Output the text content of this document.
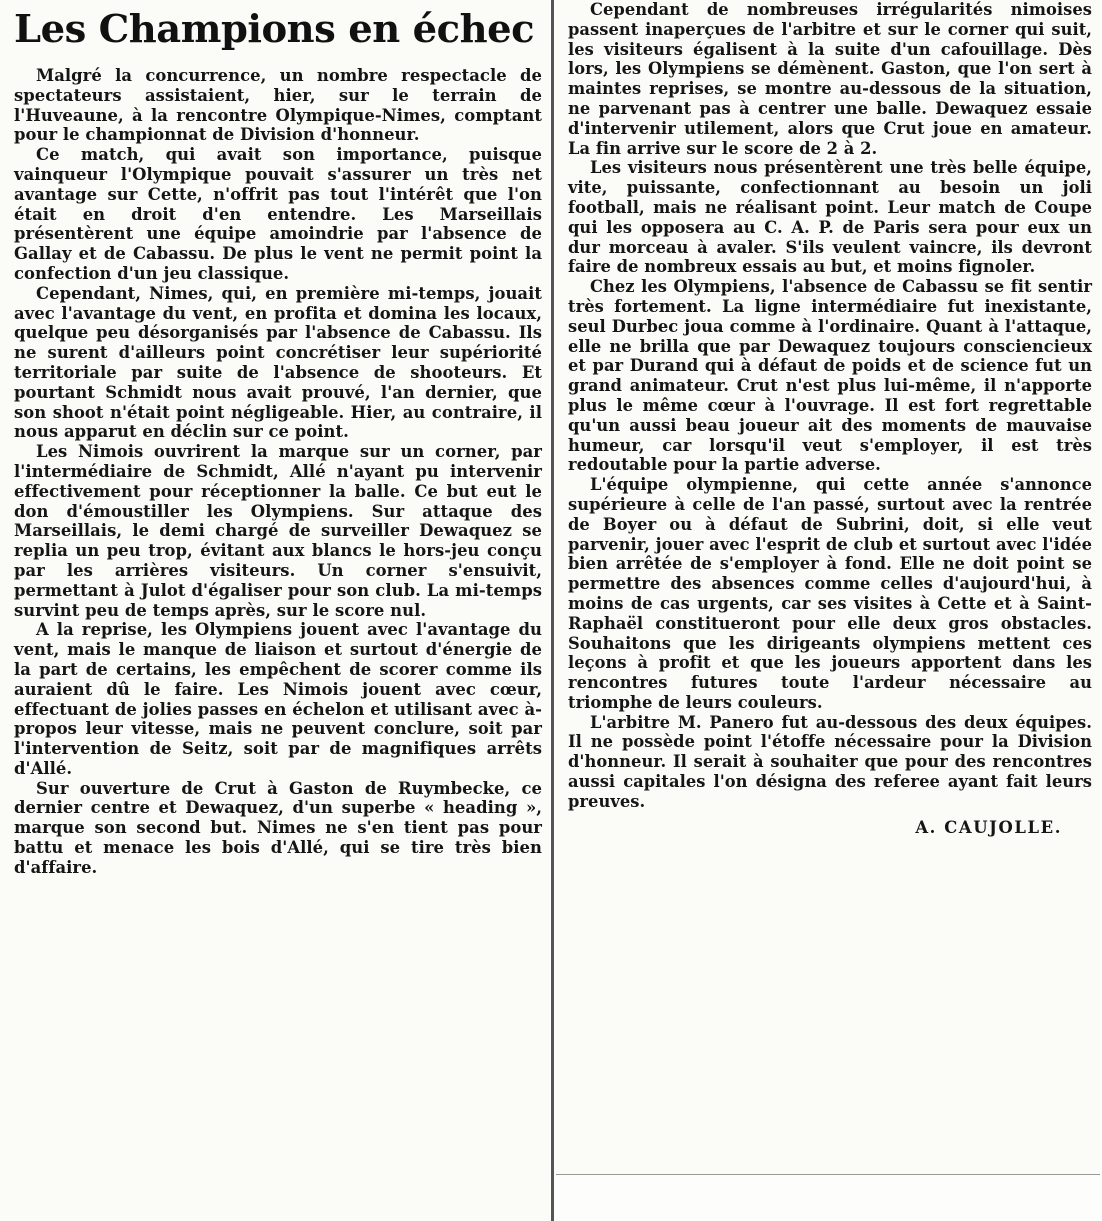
Les Champions en échec

Malgré la concurrence, un nombre respectacle de spectateurs assistaient, hier, sur le terrain de l'Huveaune, à la rencontre Olympique-Nimes, comptant pour le championnat de Division d'honneur.

Ce match, qui avait son importance, puisque vainqueur l'Olympique pouvait s'assurer un très net avantage sur Cette, n'offrit pas tout l'intérêt que l'on était en droit d'en entendre. Les Marseillais présentèrent une équipe amoindrie par l'absence de Gallay et de Cabassu. De plus le vent ne permit point la confection d'un jeu classique.

Cependant, Nimes, qui, en première mi-temps, jouait avec l'avantage du vent, en profita et domina les locaux, quelque peu désorganisés par l'absence de Cabassu. Ils ne surent d'ailleurs point concrétiser leur supériorité territoriale par suite de l'absence de shooteurs. Et pourtant Schmidt nous avait prouvé, l'an dernier, que son shoot n'était point négligeable. Hier, au contraire, il nous apparut en déclin sur ce point.

Les Nimois ouvrirent la marque sur un corner, par l'intermédiaire de Schmidt, Allé n'ayant pu intervenir effectivement pour réceptionner la balle. Ce but eut le don d'émoustiller les Olympiens. Sur attaque des Marseillais, le demi chargé de surveiller Dewaquez se replia un peu trop, évitant aux blancs le hors-jeu conçu par les arrières visiteurs. Un corner s'ensuivit, permettant à Julot d'égaliser pour son club. La mi-temps survint peu de temps après, sur le score nul.

A la reprise, les Olympiens jouent avec l'avantage du vent, mais le manque de liaison et surtout d'énergie de la part de certains, les empêchent de scorer comme ils auraient dû le faire. Les Nimois jouent avec cœur, effectuant de jolies passes en échelon et utilisant avec à-propos leur vitesse, mais ne peuvent conclure, soit par l'intervention de Seitz, soit par de magnifiques arrêts d'Allé.

Sur ouverture de Crut à Gaston de Ruymbecke, ce dernier centre et Dewaquez, d'un superbe « heading », marque son second but. Nimes ne s'en tient pas pour battu et menace les bois d'Allé, qui se tire très bien d'affaire.

Cependant de nombreuses irrégularités nimoises passent inaperçues de l'arbitre et sur le corner qui suit, les visiteurs égalisent à la suite d'un cafouillage. Dès lors, les Olympiens se démènent. Gaston, que l'on sert à maintes reprises, se montre au-dessous de la situation, ne parvenant pas à centrer une balle. Dewaquez essaie d'intervenir utilement, alors que Crut joue en amateur. La fin arrive sur le score de 2 à 2.

Les visiteurs nous présentèrent une très belle équipe, vite, puissante, confectionnant au besoin un joli football, mais ne réalisant point. Leur match de Coupe qui les opposera au C. A. P. de Paris sera pour eux un dur morceau à avaler. S'ils veulent vaincre, ils devront faire de nombreux essais au but, et moins fignoler.

Chez les Olympiens, l'absence de Cabassu se fit sentir très fortement. La ligne intermédiaire fut inexistante, seul Durbec joua comme à l'ordinaire. Quant à l'attaque, elle ne brilla que par Dewaquez toujours consciencieux et par Durand qui à défaut de poids et de science fut un grand animateur. Crut n'est plus lui-même, il n'apporte plus le même cœur à l'ouvrage. Il est fort regrettable qu'un aussi beau joueur ait des moments de mauvaise humeur, car lorsqu'il veut s'employer, il est très redoutable pour la partie adverse.

L'équipe olympienne, qui cette année s'annonce supérieure à celle de l'an passé, surtout avec la rentrée de Boyer ou à défaut de Subrini, doit, si elle veut parvenir, jouer avec l'esprit de club et surtout avec l'idée bien arrêtée de s'employer à fond. Elle ne doit point se permettre des absences comme celles d'aujourd'hui, à moins de cas urgents, car ses visites à Cette et à Saint-Raphaël constitueront pour elle deux gros obstacles. Souhaitons que les dirigeants olympiens mettent ces leçons à profit et que les joueurs apportent dans les rencontres futures toute l'ardeur nécessaire au triomphe de leurs couleurs.

L'arbitre M. Panero fut au-dessous des deux équipes. Il ne possède point l'étoffe nécessaire pour la Division d'honneur. Il serait à souhaiter que pour des rencontres aussi capitales l'on désigna des referee ayant fait leurs preuves.

A. CAUJOLLE.
